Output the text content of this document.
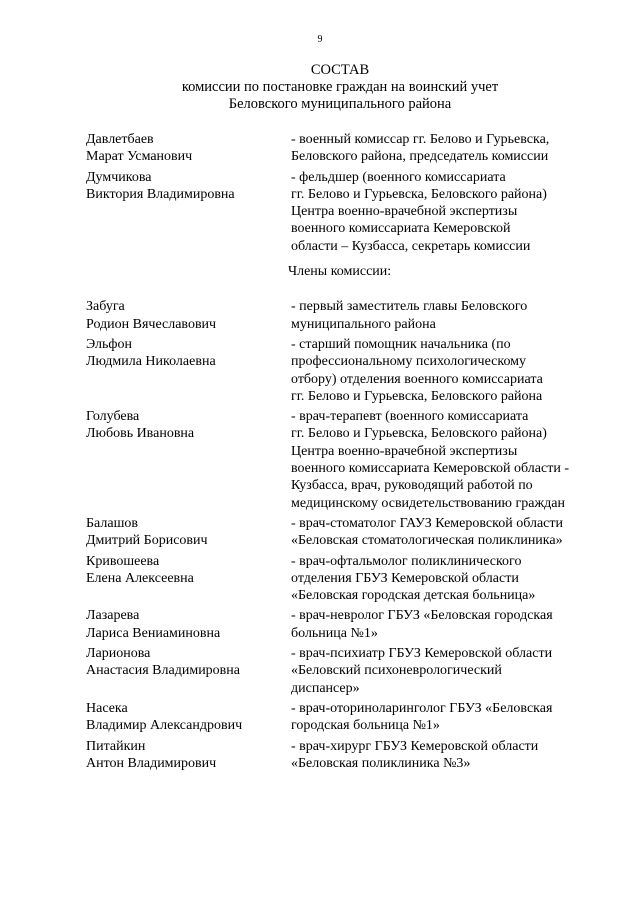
9
СОСТАВ
комиссии по постановке граждан на воинский учет
Беловского муниципального района
Давлетбаев
Марат Усманович
- военный комиссар гг. Белово и Гурьевска,
Беловского района, председатель комиссии
Думчикова
Виктория Владимировна
- фельдшер (военного комиссариата
гг. Белово и Гурьевска, Беловского района)
Центра военно-врачебной экспертизы
военного комиссариата Кемеровской
области – Кузбасса, секретарь комиссии
Члены комиссии:
Забуга
Родион Вячеславович
- первый заместитель главы Беловского
муниципального района
Эльфон
Людмила Николаевна
- старший помощник начальника (по
профессиональному психологическому
отбору) отделения военного комиссариата
гг. Белово и Гурьевска, Беловского района
Голубева
Любовь Ивановна
- врач-терапевт (военного комиссариата
гг. Белово и Гурьевска, Беловского района)
Центра военно-врачебной экспертизы
военного комиссариата Кемеровской области -
Кузбасса, врач, руководящий работой по
медицинскому освидетельствованию граждан
Балашов
Дмитрий Борисович
- врач-стоматолог ГАУЗ Кемеровской области
«Беловская стоматологическая поликлиника»
Кривошеева
Елена Алексеевна
- врач-офтальмолог поликлинического
отделения ГБУЗ Кемеровской области
«Беловская городская детская больница»
Лазарева
Лариса Вениаминовна
- врач-невролог ГБУЗ «Беловская городская
больница №1»
Ларионова
Анастасия Владимировна
- врач-психиатр ГБУЗ Кемеровской области
«Беловский психоневрологический
диспансер»
Насека
Владимир Александрович
- врач-оториноларинголог ГБУЗ «Беловская
городская больница №1»
Питайкин
Антон Владимирович
- врач-хирург ГБУЗ Кемеровской области
«Беловская поликлиника №3»
